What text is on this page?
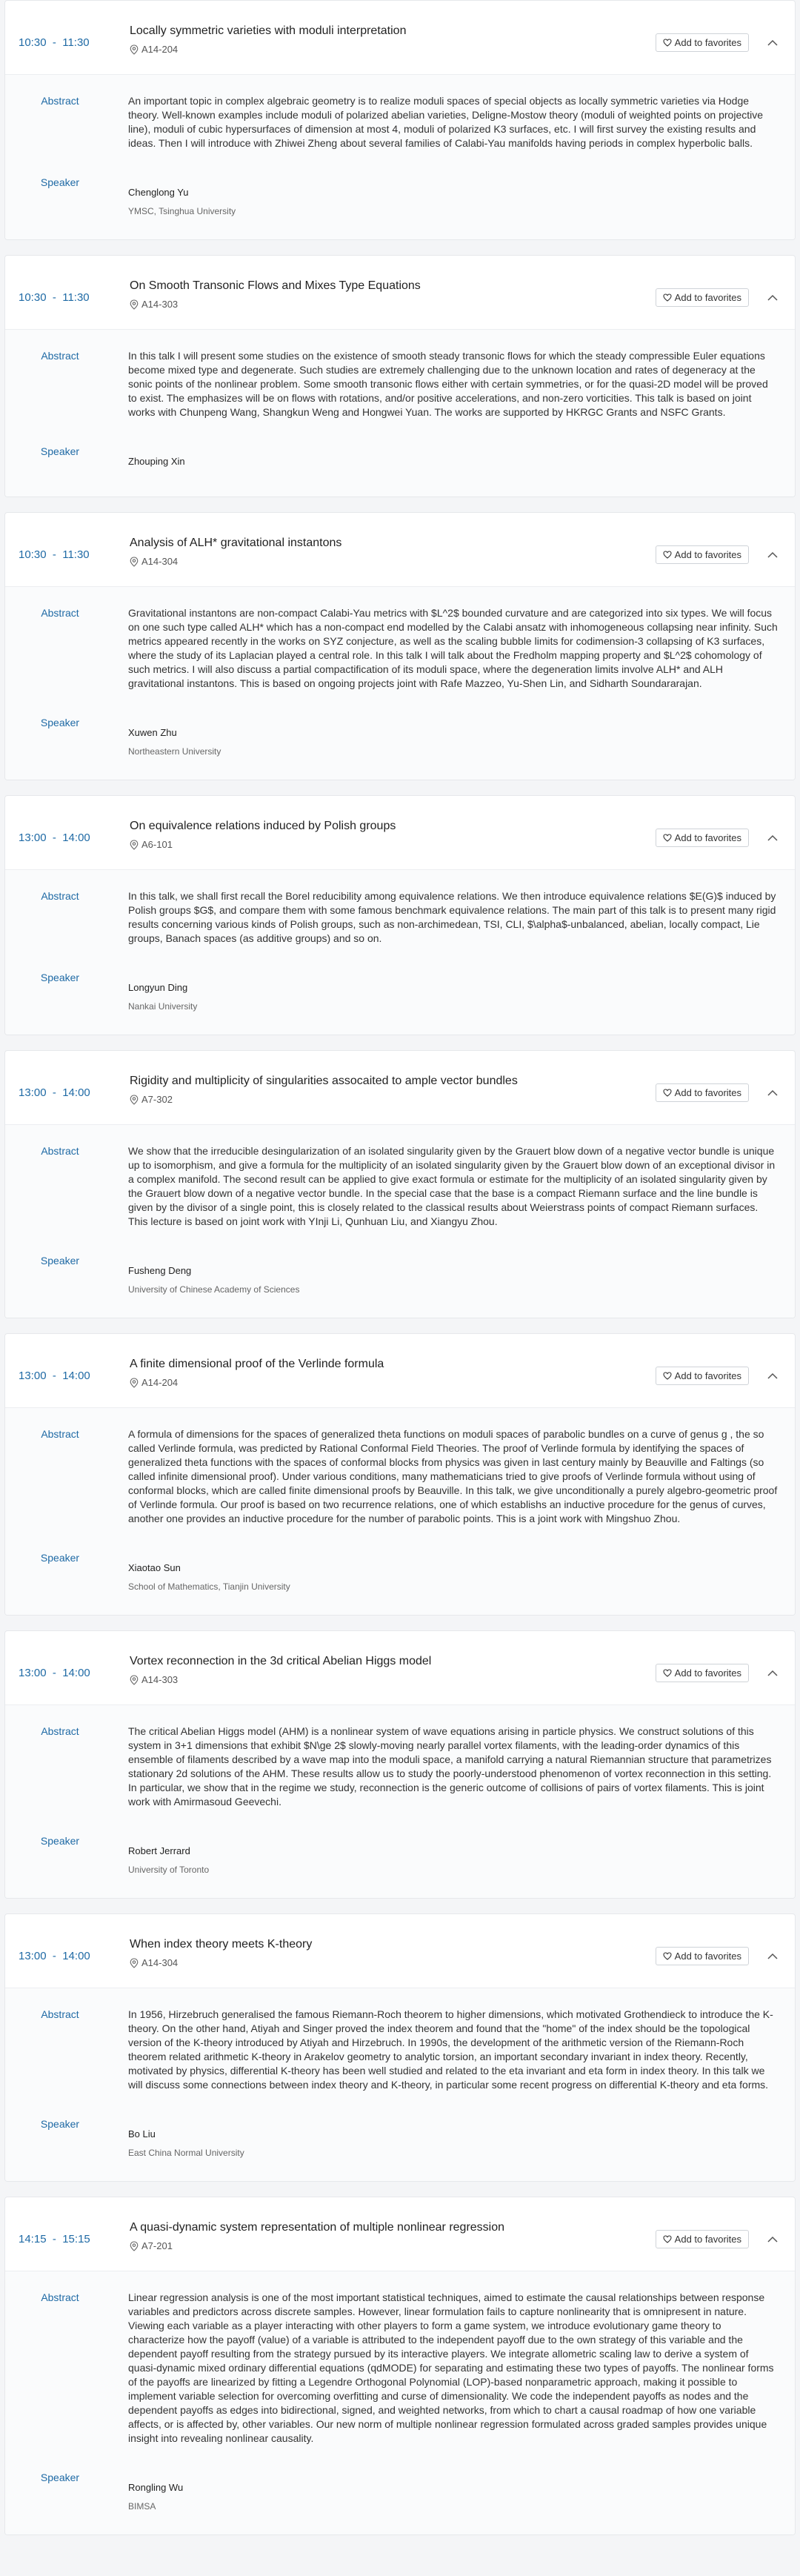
10:30  -  11:30
Locally symmetric varieties with moduli interpretation
A14-204
Add to favorites
Abstract	An important topic in complex algebraic geometry is to realize moduli spaces of special objects as locally symmetric varieties via Hodge theory. Well-known examples include moduli of polarized abelian varieties, Deligne-Mostow theory (moduli of weighted points on projective line), moduli of cubic hypersurfaces of dimension at most 4, moduli of polarized K3 surfaces, etc. I will first survey the existing results and ideas. Then I will introduce with Zhiwei Zheng about several families of Calabi-Yau manifolds having periods in complex hyperbolic balls.
Speaker
Chenglong Yu
YMSC, Tsinghua University
10:30  -  11:30
On Smooth Transonic Flows and Mixes Type Equations
A14-303
Add to favorites
Abstract	In this talk I will present some studies on the existence of smooth steady transonic flows for which the steady compressible Euler equations become mixed type and degenerate. Such studies are extremely challenging due to the unknown location and rates of degeneracy at the sonic points of the nonlinear problem. Some smooth transonic flows either with certain symmetries, or for the quasi-2D model will be proved to exist. The emphasizes will be on flows with rotations, and/or positive accelerations, and non-zero vorticities. This talk is based on joint works with Chunpeng Wang, Shangkun Weng and Hongwei Yuan. The works are supported by HKRGC Grants and NSFC Grants.
Speaker
Zhouping Xin
10:30  -  11:30
Analysis of ALH* gravitational instantons
A14-304
Add to favorites
Abstract	Gravitational instantons are non-compact Calabi-Yau metrics with $L^2$ bounded curvature and are categorized into six types. We will focus on one such type called ALH* which has a non-compact end modelled by the Calabi ansatz with inhomogeneous collapsing near infinity. Such metrics appeared recently in the works on SYZ conjecture, as well as the scaling bubble limits for codimension-3 collapsing of K3 surfaces, where the study of its Laplacian played a central role. In this talk I will talk about the Fredholm mapping property and $L^2$ cohomology of such metrics. I will also discuss a partial compactification of its moduli space, where the degeneration limits involve ALH* and ALH gravitational instantons. This is based on ongoing projects joint with Rafe Mazzeo, Yu-Shen Lin, and Sidharth Soundararajan.
Speaker
Xuwen Zhu
Northeastern University
13:00  -  14:00
On equivalence relations induced by Polish groups
A6-101
Add to favorites
Abstract	In this talk, we shall first recall the Borel reducibility among equivalence relations. We then introduce equivalence relations $E(G)$ induced by Polish groups $G$, and compare them with some famous benchmark equivalence relations. The main part of this talk is to present many rigid results concerning various kinds of Polish groups, such as non-archimedean, TSI, CLI, $\alpha$-unbalanced, abelian, locally compact, Lie groups, Banach spaces (as additive groups) and so on.
Speaker
Longyun Ding
Nankai University
13:00  -  14:00
Rigidity and multiplicity of singularities assocaited to ample vector bundles
A7-302
Add to favorites
Abstract	We show that the irreducible desingularization of an isolated singularity given by the Grauert blow down of a negative vector bundle is unique up to isomorphism, and give a formula for the multiplicity of an isolated singularity given by the Grauert blow down of an exceptional divisor in a complex manifold. The second result can be applied to give exact formula or estimate for the multiplicity of an isolated singularity given by the Grauert blow down of a negative vector bundle. In the special case that the base is a compact Riemann surface and the line bundle is given by the divisor of a single point, this is closely related to the classical results about Weierstrass points of compact Riemann surfaces. This lecture is based on joint work with YInji Li, Qunhuan Liu, and Xiangyu Zhou.
Speaker
Fusheng Deng
University of Chinese Academy of Sciences
13:00  -  14:00
A finite dimensional proof of the Verlinde formula
A14-204
Add to favorites
Abstract	A formula of dimensions for the spaces of generalized theta functions on moduli spaces of parabolic bundles on a curve of genus g , the so called Verlinde formula, was predicted by Rational Conformal Field Theories. The proof of Verlinde formula by identifying the spaces of generalized theta functions with the spaces of conformal blocks from physics was given in last century mainly by Beauville and Faltings (so called infinite dimensional proof). Under various conditions, many mathematicians tried to give proofs of Verlinde formula without using of conformal blocks, which are called finite dimensional proofs by Beauville. In this talk, we give unconditionally a purely algebro-geometric proof of Verlinde formula. Our proof is based on two recurrence relations, one of which establishs an inductive procedure for the genus of curves, another one provides an inductive procedure for the number of parabolic points. This is a joint work with Mingshuo Zhou.
Speaker
Xiaotao Sun
School of Mathematics, Tianjin University
13:00  -  14:00
Vortex reconnection in the 3d critical Abelian Higgs model
A14-303
Add to favorites
Abstract	The critical Abelian Higgs model (AHM) is a nonlinear system of wave equations arising in particle physics. We construct solutions of this system in 3+1 dimensions that exhibit $N\ge 2$ slowly-moving nearly parallel vortex filaments, with the leading-order dynamics of this ensemble of filaments described by a wave map into the moduli space, a manifold carrying a natural Riemannian structure that parametrizes stationary 2d solutions of the AHM. These results allow us to study the poorly-understood phenomenon of vortex reconnection in this setting. In particular, we show that in the regime we study, reconnection is the generic outcome of collisions of pairs of vortex filaments. This is joint work with Amirmasoud Geevechi.
Speaker
Robert Jerrard
University of Toronto
13:00  -  14:00
When index theory meets K-theory
A14-304
Add to favorites
Abstract	In 1956, Hirzebruch generalised the famous Riemann-Roch theorem to higher dimensions, which motivated Grothendieck to introduce the K-theory. On the other hand, Atiyah and Singer proved the index theorem and found that the "home" of the index should be the topological version of the K-theory introduced by Atiyah and Hirzebruch. In 1990s, the development of the arithmetic version of the Riemann-Roch theorem related arithmetic K-theory in Arakelov geometry to analytic torsion, an important secondary invariant in index theory. Recently, motivated by physics, differential K-theory has been well studied and related to the eta invariant and eta form in index theory. In this talk we will discuss some connections between index theory and K-theory, in particular some recent progress on differential K-theory and eta forms.
Speaker
Bo Liu
East China Normal University
14:15  -  15:15
A quasi-dynamic system representation of multiple nonlinear regression
A7-201
Add to favorites
Abstract	Linear regression analysis is one of the most important statistical techniques, aimed to estimate the causal relationships between response variables and predictors across discrete samples. However, linear formulation fails to capture nonlinearity that is omnipresent in nature. Viewing each variable as a player interacting with other players to form a game system, we introduce evolutionary game theory to characterize how the payoff (value) of a variable is attributed to the independent payoff due to the own strategy of this variable and the dependent payoff resulting from the strategy pursued by its interactive players. We integrate allometric scaling law to derive a system of quasi-dynamic mixed ordinary differential equations (qdMODE) for separating and estimating these two types of payoffs. The nonlinear forms of the payoffs are linearized by fitting a Legendre Orthogonal Polynomial (LOP)-based nonparametric approach, making it possible to implement variable selection for overcoming overfitting and curse of dimensionality. We code the independent payoffs as nodes and the dependent payoffs as edges into bidirectional, signed, and weighted networks, from which to chart a causal roadmap of how one variable affects, or is affected by, other variables. Our new norm of multiple nonlinear regression formulated across graded samples provides unique insight into revealing nonlinear causality.
Speaker
Rongling Wu
BIMSA
